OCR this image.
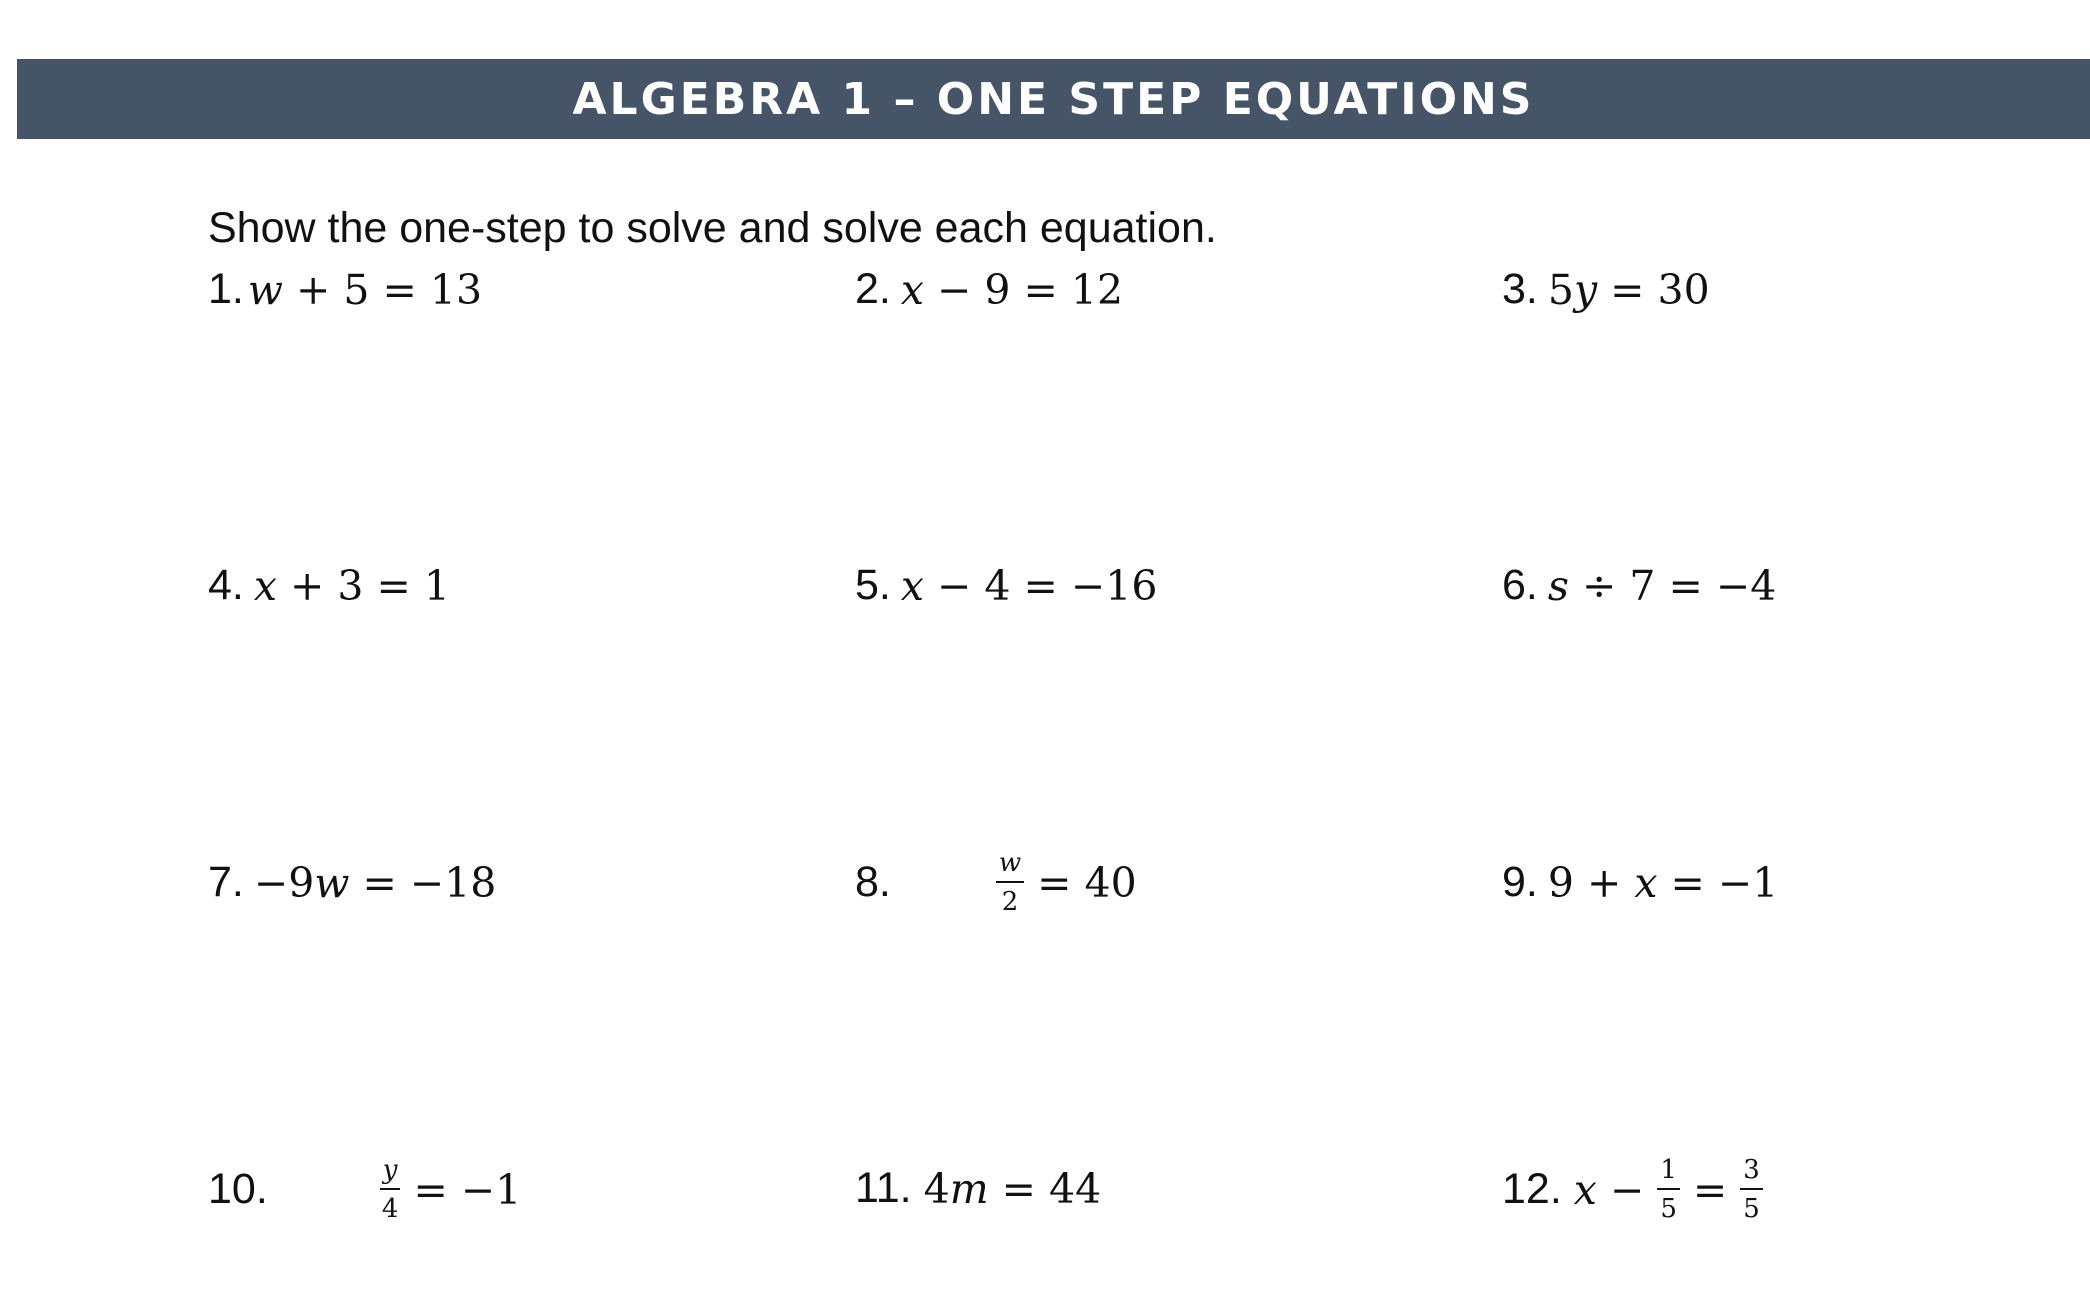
ALGEBRA 1 – ONE STEP EQUATIONS
Show the one-step to solve and solve each equation.
1. w + 5 = 13	2. x − 9 = 12	3. 5 y = 30
4. x + 3 = 1	5. x − 4 = −16	6. s ÷ 7 = −4
7. −9 w = −18	8.	$\frac{w}{2} = 40$	9. 9 + x = −1
10.	$\frac{y}{4} = -1$	11. 4 m = 44	12. $x - \frac{1}{5} = \frac{3}{5}$
